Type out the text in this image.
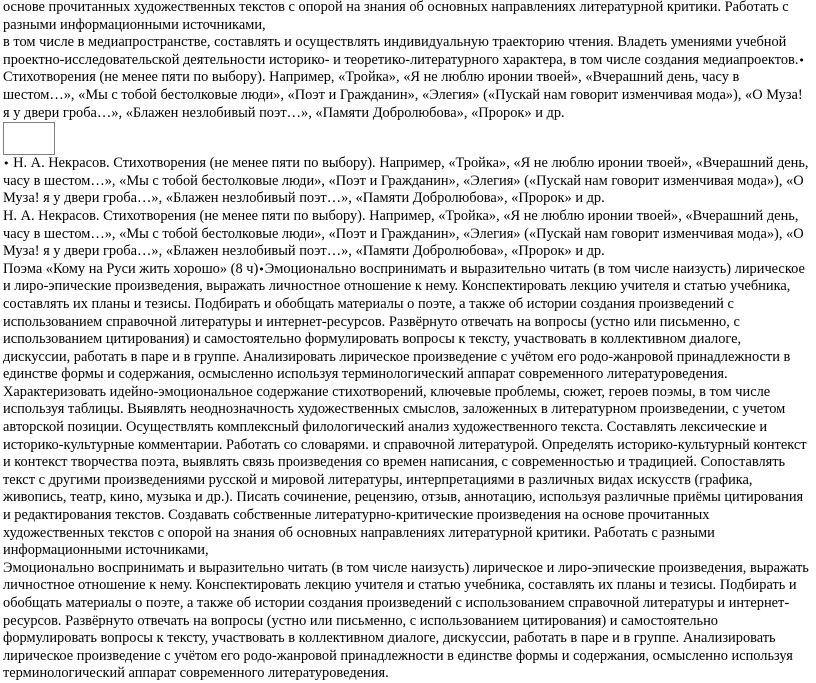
основе прочитанных художественных текстов с опорой на знания об основных направлениях литературной критики. Работать с разными информационными источниками,

в том числе в медиапространстве, составлять и осуществлять индивидуальную траекторию чтения. Владеть умениями учебной проектно-исследовательской деятельности историко- и теоретико-литературного характера, в том числе создания медиапроектов.•

Стихотворения (не менее пяти по выбору). Например, «Тройка», «Я не люблю иронии твоей», «Вчерашний день, часу в шестом…», «Мы с тобой бестолковые люди», «Поэт и Гражданин», «Элегия» («Пускай нам говорит изменчивая мода»), «О Муза! я у двери гроба…», «Блажен незлобивый поэт…», «Памяти Добролюбова», «Пророк» и др.

• Н. А. Некрасов. Стихотворения (не менее пяти по выбору). Например, «Тройка», «Я не люблю иронии твоей», «Вчерашний день, часу в шестом…», «Мы с тобой бестолковые люди», «Поэт и Гражданин», «Элегия» («Пускай нам говорит изменчивая мода»), «О Муза! я у двери гроба…», «Блажен незлобивый поэт…», «Памяти Добролюбова», «Пророк» и др.

Н. А. Некрасов. Стихотворения (не менее пяти по выбору). Например, «Тройка», «Я не люблю иронии твоей», «Вчерашний день, часу в шестом…», «Мы с тобой бестолковые люди», «Поэт и Гражданин», «Элегия» («Пускай нам говорит изменчивая мода»), «О Муза! я у двери гроба…», «Блажен незлобивый поэт…», «Памяти Добролюбова», «Пророк» и др.

Поэма «Кому на Руси жить хорошо» (8 ч)•Эмоционально воспринимать и выразительно читать (в том числе наизусть) лирическое и лиро-эпические произведения, выражать личностное отношение к нему. Конспектировать лекцию учителя и статью учебника, составлять их планы и тезисы. Подбирать и обобщать материалы о поэте, а также об истории создания произведений с использованием справочной литературы и интернет-ресурсов. Развёрнуто отвечать на вопросы (устно или письменно, с использованием цитирования) и самостоятельно формулировать вопросы к тексту, участвовать в коллективном диалоге, дискуссии, работать в паре и в группе. Анализировать лирическое произведение с учётом его родо-жанровой принадлежности в единстве формы и содержания, осмысленно используя терминологический аппарат современного литературоведения. Характеризовать идейно-эмоциональное содержание стихотворений, ключевые проблемы, сюжет, героев поэмы, в том числе используя таблицы. Выявлять неоднозначность художественных смыслов, заложенных в литературном произведении, с учетом авторской позиции. Осуществлять комплексный филологический анализ художественного текста. Составлять лексические и историко-культурные комментарии. Работать со словарями. и справочной литературой. Определять историко-культурный контекст и контекст творчества поэта, выявлять связь произведения со времен написания, с современностью и традицией. Сопоставлять текст с другими произведениями русской и мировой литературы, интерпретациями в различных видах искусств (графика, живопись, театр, кино, музыка и др.). Писать сочинение, рецензию, отзыв, аннотацию, используя различные приёмы цитирования и редактирования текстов. Создавать собственные литературно-критические произведения на основе прочитанных художественных текстов с опорой на знания об основных направлениях литературной критики. Работать с разными информационными источниками,

Эмоционально воспринимать и выразительно читать (в том числе наизусть) лирическое и лиро-эпические произведения, выражать личностное отношение к нему. Конспектировать лекцию учителя и статью учебника, составлять их планы и тезисы. Подбирать и обобщать материалы о поэте, а также об истории создания произведений с использованием справочной литературы и интернет-ресурсов. Развёрнуто отвечать на вопросы (устно или письменно, с использованием цитирования) и самостоятельно формулировать вопросы к тексту, участвовать в коллективном диалоге, дискуссии, работать в паре и в группе. Анализировать лирическое произведение с учётом его родо-жанровой принадлежности в единстве формы и содержания, осмысленно используя терминологический аппарат современного литературоведения.
